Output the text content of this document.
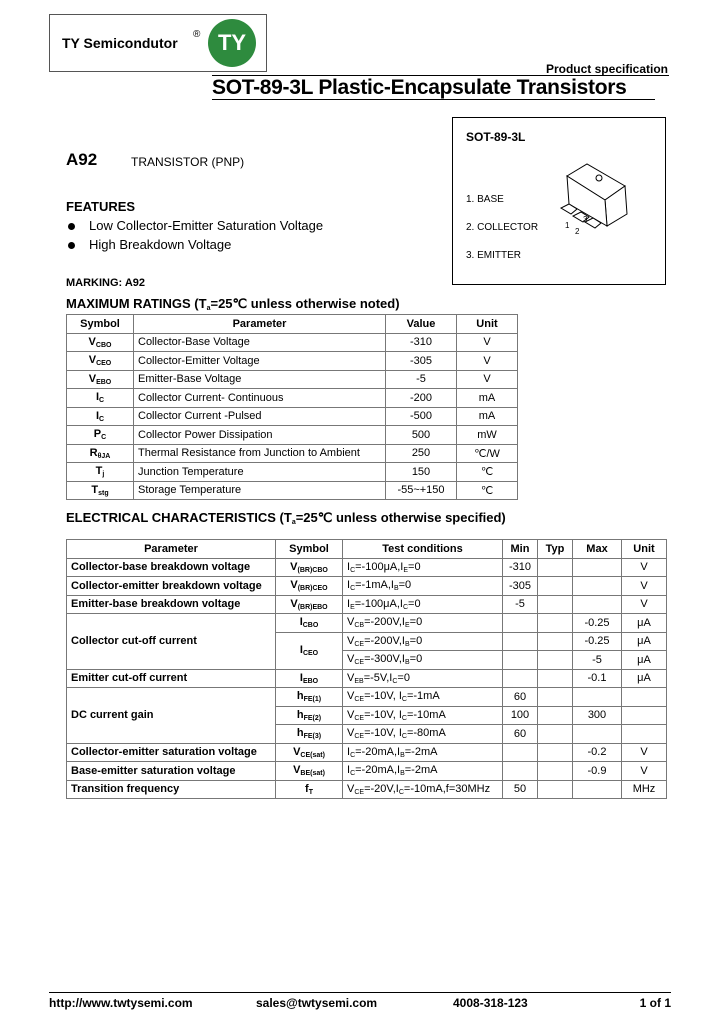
TY Semicondutor
® TY
Product specification
SOT-89-3L Plastic-Encapsulate Transistors
SOT-89-3L
1. BASE
2. COLLECTOR
3. EMITTER
1
2
3
A92	TRANSISTOR (PNP)
FEATURES
Low Collector-Emitter Saturation Voltage
High Breakdown Voltage
MARKING: A92
MAXIMUM RATINGS ($T_a=25℃$ unless otherwise noted)
Symbol	Parameter	Value	Unit
$V_{CBO}$	Collector-Base Voltage	-310	V
$V_{CEO}$	Collector-Emitter Voltage	-305	V
$V_{EBO}$	Emitter-Base Voltage	-5	V
$I_C$	Collector Current- Continuous	-200	mA
$I_C$	Collector Current -Pulsed	-500	mA
$P_C$	Collector Power Dissipation	500	mW
$R_{\theta JA}$	Thermal Resistance from Junction to Ambient	250	℃/W
$T_j$	Junction Temperature	150	℃
$T_{stg}$	Storage Temperature	-55~+150	℃
ELECTRICAL CHARACTERISTICS ($T_a=25℃$ unless otherwise specified)
Parameter	Symbol	Test conditions	Min	Typ	Max	Unit
Collector-base breakdown voltage	$V_{(BR)CBO}$	$I_C=-100\mu A,I_E=0$	-310			V
Collector-emitter breakdown voltage	$V_{(BR)CEO}$	$I_C=-1mA,I_B=0$	-305			V
Emitter-base breakdown voltage	$V_{(BR)EBO}$	$I_E=-100\mu A,I_C=0$	-5			V
Collector cut-off current	$I_{CBO}$	$V_{CB}=-200V,I_E=0$			-0.25	μA
	$I_{CEO}$	$V_{CE}=-200V,I_B=0$			-0.25	μA
		$V_{CE}=-300V,I_B=0$			-5	μA
Emitter cut-off current	$I_{EBO}$	$V_{EB}=-5V,I_C=0$			-0.1	μA
DC current gain	$h_{FE(1)}$	$V_{CE}=-10V$, $I_C=-1mA$	60			
	$h_{FE(2)}$	$V_{CE}=-10V$, $I_C=-10mA$	100		300	
	$h_{FE(3)}$	$V_{CE}=-10V$, $I_C=-80mA$	60			
Collector-emitter saturation voltage	$V_{CE(sat)}$	$I_C=-20mA,I_B=-2mA$			-0.2	V
Base-emitter saturation voltage	$V_{BE(sat)}$	$I_C=-20mA,I_B=-2mA$			-0.9	V
Transition frequency	$f_T$	$V_{CE}=-20V,I_C=-10mA,f=30MHz$	50			MHz
http://www.twtysemi.com	sales@twtysemi.com	4008-318-123	1 of 1
